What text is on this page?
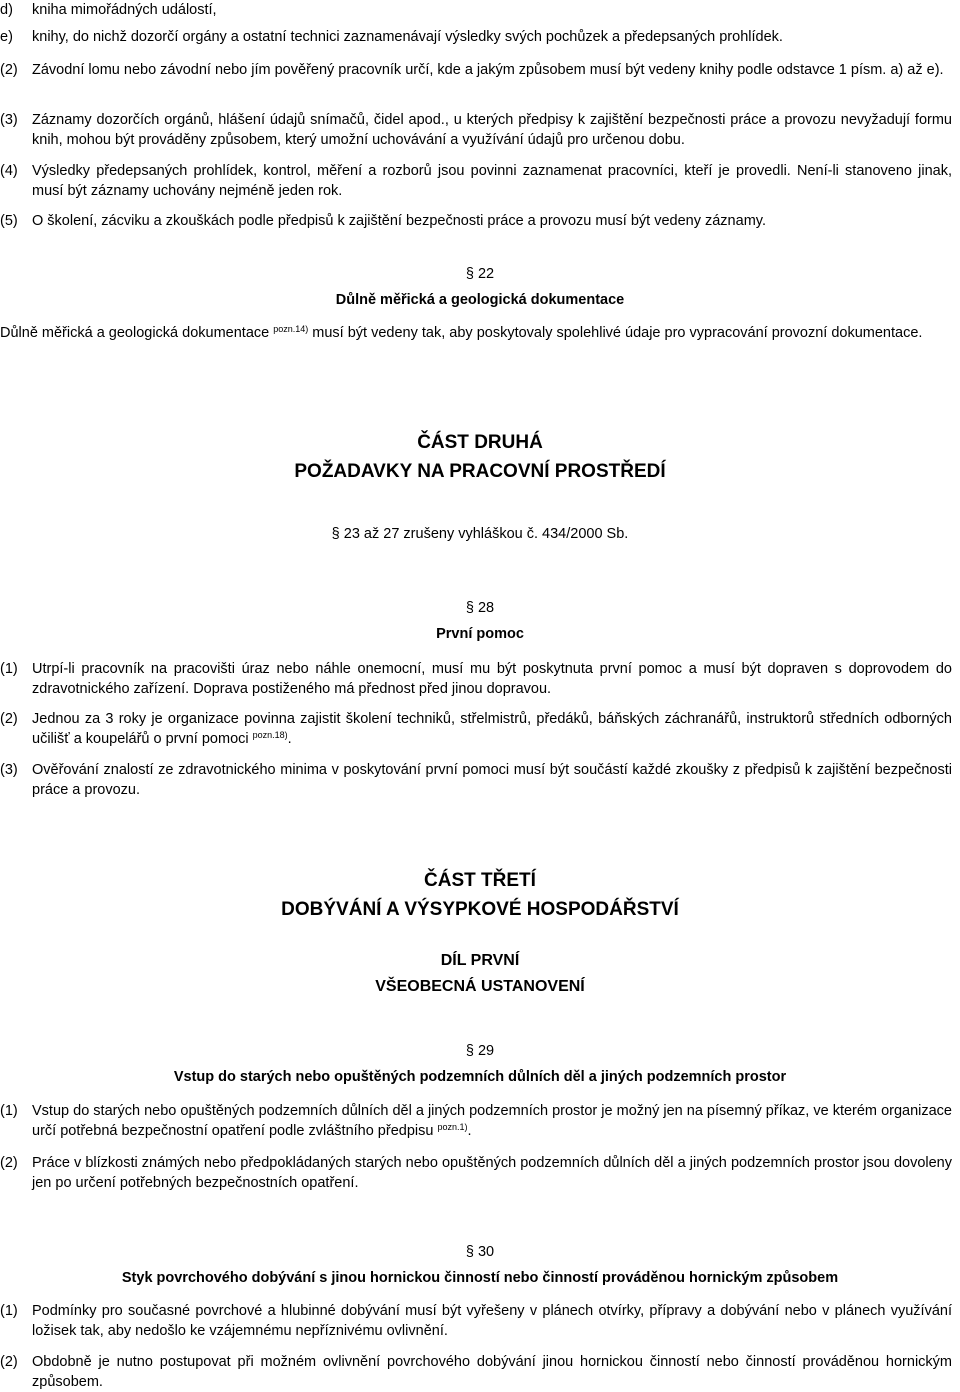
d)	kniha mimořádných událostí,
e)	knihy, do nichž dozorčí orgány a ostatní technici zaznamenávají výsledky svých pochůzek a předepsaných prohlídek.
(2) Závodní lomu nebo závodní nebo jím pověřený pracovník určí, kde a jakým způsobem musí být vedeny knihy podle odstavce 1 písm. a) až e).
(3) Záznamy dozorčích orgánů, hlášení údajů snímačů, čidel apod., u kterých předpisy k zajištění bezpečnosti práce a provozu nevyžadují formu knih, mohou být prováděny způsobem, který umožní uchovávání a využívání údajů pro určenou dobu.
(4) Výsledky předepsaných prohlídek, kontrol, měření a rozborů jsou povinni zaznamenat pracovníci, kteří je provedli. Není-li stanoveno jinak, musí být záznamy uchovány nejméně jeden rok.
(5) O školení, zácviku a zkouškách podle předpisů k zajištění bezpečnosti práce a provozu musí být vedeny záznamy.
§ 22
Důlně měřická a geologická dokumentace
Důlně měřická a geologická dokumentace $^{pozn.14)}$ musí být vedeny tak, aby poskytovaly spolehlivé údaje pro vypracování provozní dokumentace.
ČÁST DRUHÁ
POŽADAVKY NA PRACOVNÍ PROSTŘEDÍ
§ 23 až 27 zrušeny vyhláškou č. 434/2000 Sb.
§ 28
První pomoc
(1) Utrpí-li pracovník na pracovišti úraz nebo náhle onemocní, musí mu být poskytnuta první pomoc a musí být dopraven s doprovodem do zdravotnického zařízení. Doprava postiženého má přednost před jinou dopravou.
(2) Jednou za 3 roky je organizace povinna zajistit školení techniků, střelmistrů, předáků, báňských záchranářů, instruktorů středních odborných učilišť a koupelářů o první pomoci $^{pozn.18)}$.
(3) Ověřování znalostí ze zdravotnického minima v poskytování první pomoci musí být součástí každé zkoušky z předpisů k zajištění bezpečnosti práce a provozu.
ČÁST TŘETÍ
DOBÝVÁNÍ A VÝSYPKOVÉ HOSPODÁŘSTVÍ
DÍL PRVNÍ
VŠEOBECNÁ USTANOVENÍ
§ 29
Vstup do starých nebo opuštěných podzemních důlních děl a jiných podzemních prostor
(1) Vstup do starých nebo opuštěných podzemních důlních děl a jiných podzemních prostor je možný jen na písemný příkaz, ve kterém organizace určí potřebná bezpečnostní opatření podle zvláštního předpisu $^{pozn.1)}$.
(2) Práce v blízkosti známých nebo předpokládaných starých nebo opuštěných podzemních důlních děl a jiných podzemních prostor jsou dovoleny jen po určení potřebných bezpečnostních opatření.
§ 30
Styk povrchového dobývání s jinou hornickou činností nebo činností prováděnou hornickým způsobem
(1) Podmínky pro současné povrchové a hlubinné dobývání musí být vyřešeny v plánech otvírky, přípravy a dobývání nebo v plánech využívání ložisek tak, aby nedošlo ke vzájemnému nepříznivému ovlivnění.
(2) Obdobně je nutno postupovat při možném ovlivnění povrchového dobývání jinou hornickou činností nebo činností prováděnou hornickým způsobem.
